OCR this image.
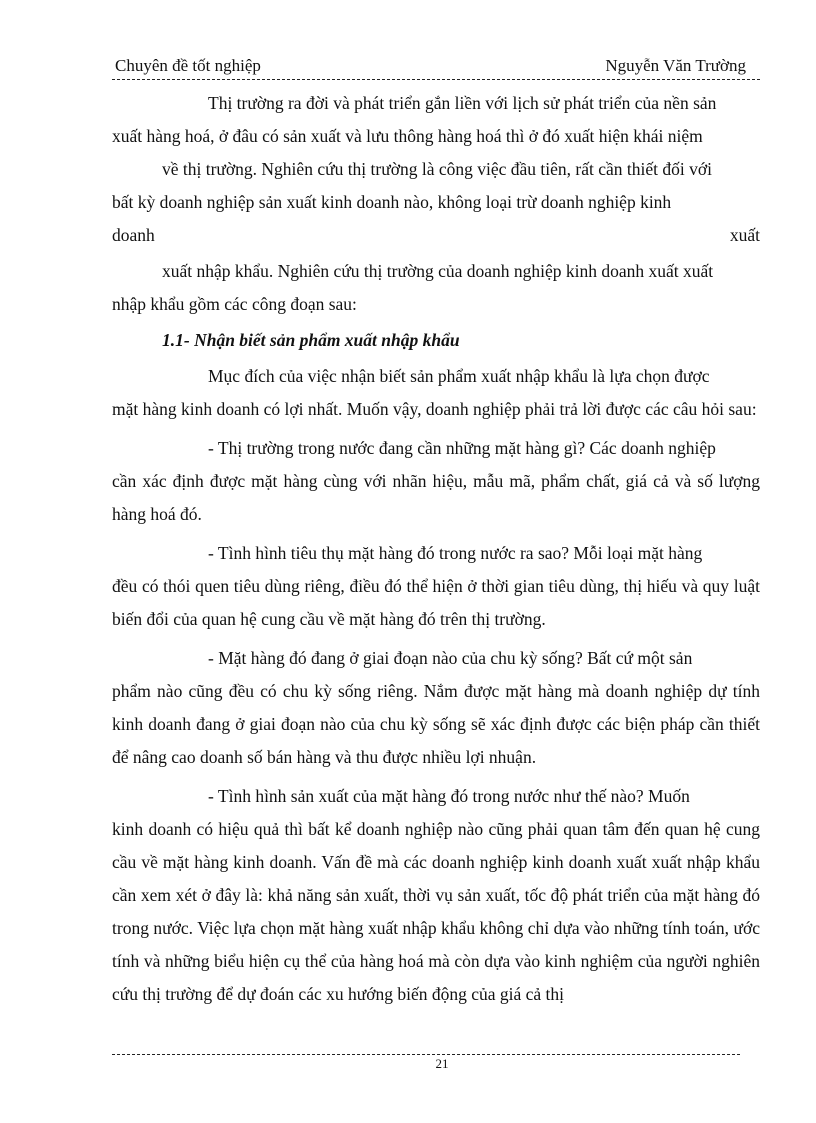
Chuyên đề tốt nghiệp	Nguyễn Văn Trường
Thị trường ra đời và phát triển gắn liền với lịch sử phát triển của nền sản
xuất hàng hoá, ở đâu có sản xuất và lưu thông hàng hoá thì ở đó xuất hiện khái niệm
về thị trường. Nghiên cứu thị trường là công việc đầu tiên, rất cần thiết đối với
bất kỳ doanh nghiệp sản xuất kinh doanh nào, không loại trừ doanh nghiệp kinh
doanh	xuất
xuất nhập khẩu. Nghiên cứu thị trường của doanh nghiệp kinh doanh xuất xuất
nhập khẩu gồm các công đoạn sau:
1.1- Nhận biết sản phẩm xuất nhập khẩu
Mục đích của việc nhận biết sản phẩm xuất nhập khẩu là lựa chọn được

mặt hàng kinh doanh có lợi nhất. Muốn vậy, doanh nghiệp phải trả lời được các câu hỏi sau:

- Thị trường trong nước đang cần những mặt hàng gì? Các doanh nghiệp

cần xác định được mặt hàng cùng với nhãn hiệu, mẫu mã, phẩm chất, giá cả và số lượng hàng hoá đó.

- Tình hình tiêu thụ mặt hàng đó trong nước ra sao? Mỗi loại mặt hàng

đều có thói quen tiêu dùng riêng, điều đó thể hiện ở thời gian tiêu dùng, thị hiếu và quy luật biến đổi của quan hệ cung cầu về mặt hàng đó trên thị trường.

- Mặt hàng đó đang ở giai đoạn nào của chu kỳ sống? Bất cứ một sản

phẩm nào cũng đều có chu kỳ sống riêng. Nắm được mặt hàng mà doanh nghiệp dự tính kinh doanh đang ở giai đoạn nào của chu kỳ sống sẽ xác định được các biện pháp cần thiết để nâng cao doanh số bán hàng và thu được nhiều lợi nhuận.

- Tình hình sản xuất của mặt hàng đó trong nước như thế nào? Muốn

kinh doanh có hiệu quả thì bất kể doanh nghiệp nào cũng phải quan tâm đến quan hệ cung cầu về mặt hàng kinh doanh. Vấn đề mà các doanh nghiệp kinh doanh xuất xuất nhập khẩu cần xem xét ở đây là: khả năng sản xuất, thời vụ sản xuất, tốc độ phát triển của mặt hàng đó trong nước. Việc lựa chọn mặt hàng xuất nhập khẩu không chỉ dựa vào những tính toán, ước tính và những biểu hiện cụ thể của hàng hoá mà còn dựa vào kinh nghiệm của người nghiên cứu thị trường để dự đoán các xu hướng biến động của giá cả thị

21
